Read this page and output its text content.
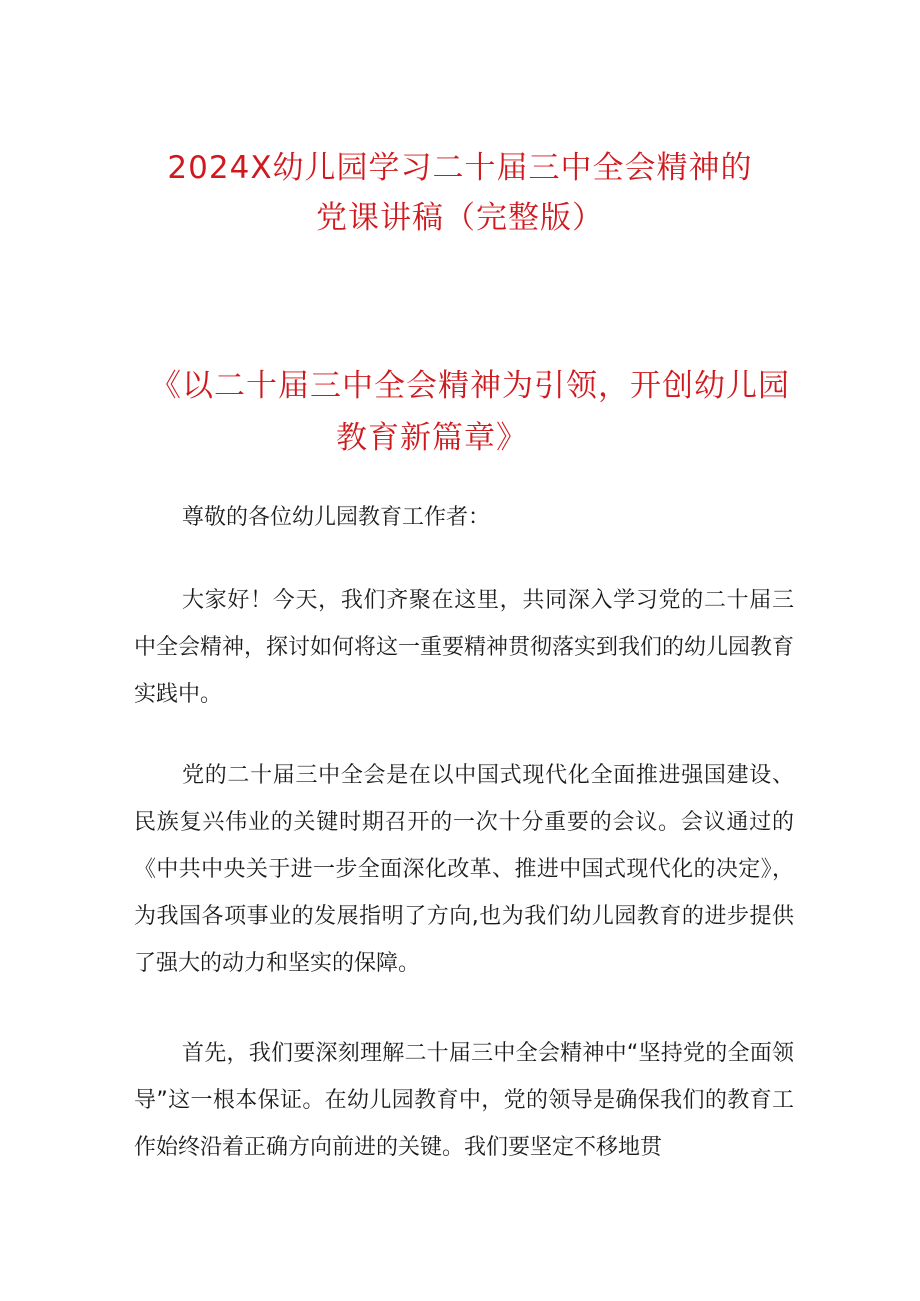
2024X幼儿园学习二十届三中全会精神的
党课讲稿（完整版）
《以二十届三中全会精神为引领，开创幼儿园
教育新篇章》

尊敬的各位幼儿园教育工作者：

大家好！今天，我们齐聚在这里，共同深入学习党的二十届三中全会精神，探讨如何将这一重要精神贯彻落实到我们的幼儿园教育实践中。

党的二十届三中全会是在以中国式现代化全面推进强国建设、民族复兴伟业的关键时期召开的一次十分重要的会议。会议通过的《中共中央关于进一步全面深化改革、推进中国式现代化的决定》，为我国各项事业的发展指明了方向,也为我们幼儿园教育的进步提供了强大的动力和坚实的保障。

首先，我们要深刻理解二十届三中全会精神中“坚持党的全面领导”这一根本保证。在幼儿园教育中，党的领导是确保我们的教育工作始终沿着正确方向前进的关键。我们要坚定不移地贯
